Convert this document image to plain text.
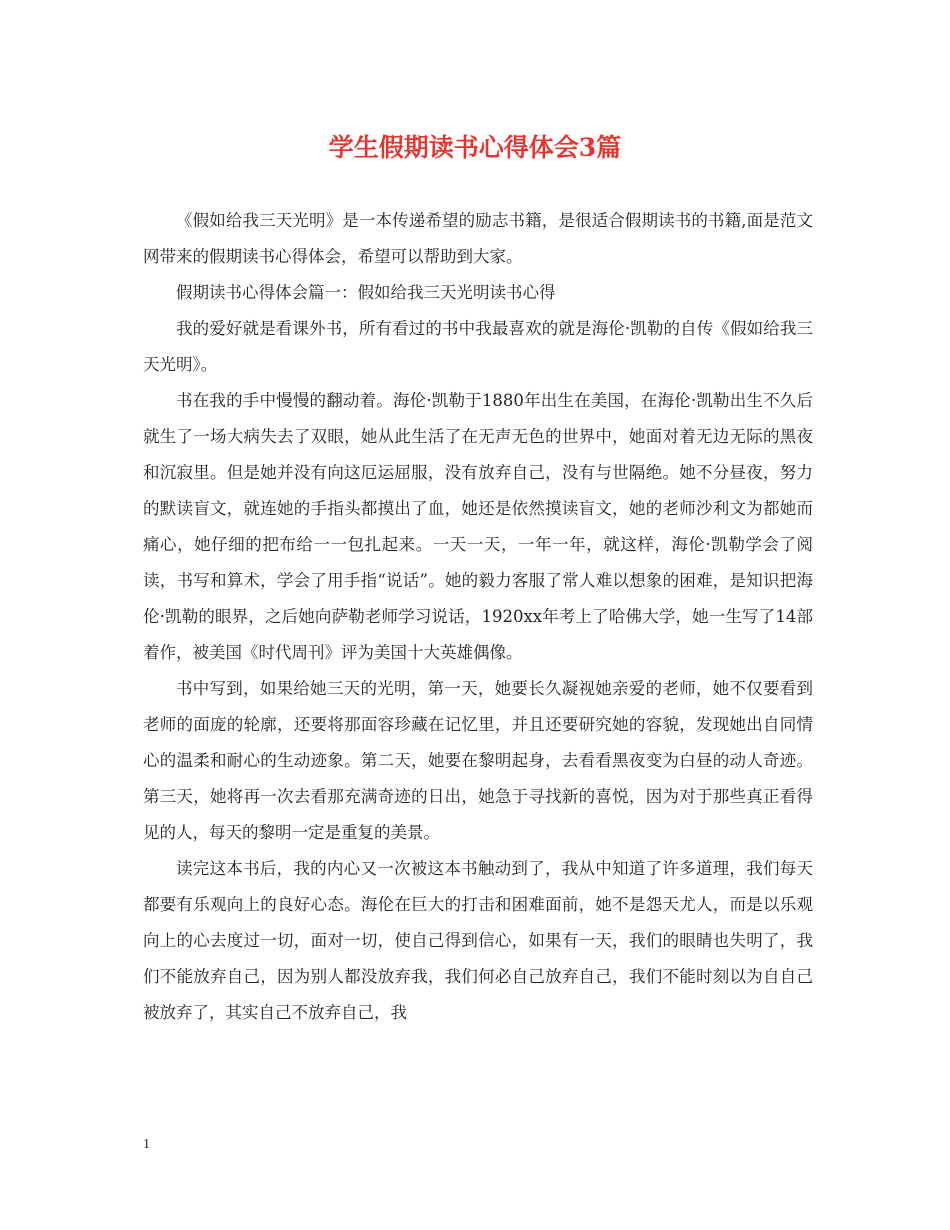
学生假期读书心得体会3篇

《假如给我三天光明》是一本传递希望的励志书籍，是很适合假期读书的书籍,面是范文网带来的假期读书心得体会，希望可以帮助到大家。

假期读书心得体会篇一：假如给我三天光明读书心得

我的爱好就是看课外书，所有看过的书中我最喜欢的就是海伦·凯勒的自传《假如给我三天光明》。

书在我的手中慢慢的翻动着。海伦·凯勒于1880年出生在美国，在海伦·凯勒出生不久后就生了一场大病失去了双眼，她从此生活了在无声无色的世界中，她面对着无边无际的黑夜和沉寂里。但是她并没有向这厄运屈服，没有放弃自己，没有与世隔绝。她不分昼夜，努力的默读盲文，就连她的手指头都摸出了血，她还是依然摸读盲文，她的老师沙利文为都她而痛心，她仔细的把布给一一包扎起来。一天一天，一年一年，就这样，海伦·凯勒学会了阅读，书写和算术，学会了用手指“说话”。她的毅力客服了常人难以想象的困难，是知识把海伦·凯勒的眼界，之后她向萨勒老师学习说话，1920xx年考上了哈佛大学，她一生写了14部着作，被美国《时代周刊》评为美国十大英雄偶像。

书中写到，如果给她三天的光明，第一天，她要长久凝视她亲爱的老师，她不仅要看到老师的面庞的轮廓，还要将那面容珍藏在记忆里，并且还要研究她的容貌，发现她出自同情心的温柔和耐心的生动迹象。第二天，她要在黎明起身，去看看黑夜变为白昼的动人奇迹。第三天，她将再一次去看那充满奇迹的日出，她急于寻找新的喜悦，因为对于那些真正看得见的人，每天的黎明一定是重复的美景。

读完这本书后，我的内心又一次被这本书触动到了，我从中知道了许多道理，我们每天都要有乐观向上的良好心态。海伦在巨大的打击和困难面前，她不是怨天尤人，而是以乐观向上的心去度过一切，面对一切，使自己得到信心，如果有一天，我们的眼睛也失明了，我们不能放弃自己，因为别人都没放弃我，我们何必自己放弃自己，我们不能时刻以为自自己被放弃了，其实自己不放弃自己，我

1
